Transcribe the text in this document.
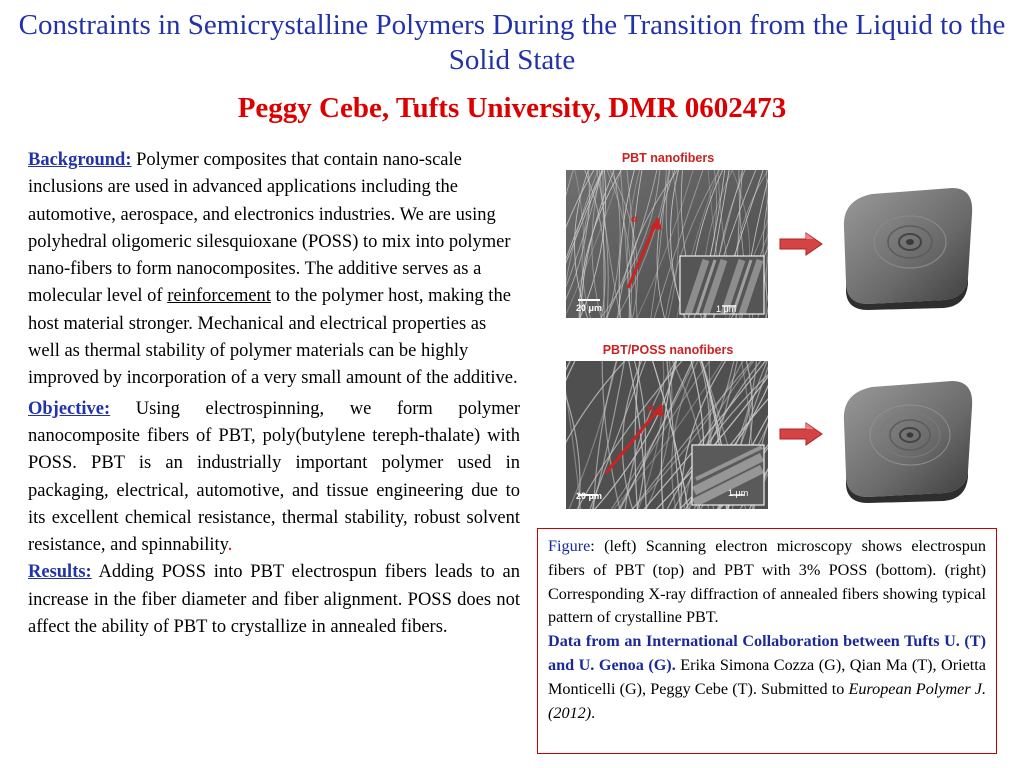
Constraints in Semicrystalline Polymers During the Transition from the Liquid to the Solid State
Peggy Cebe, Tufts University, DMR 0602473

Background: Polymer composites that contain nano-scale inclusions are used in advanced applications including the automotive, aerospace, and electronics industries. We are using polyhedral oligomeric silesquioxane (POSS) to mix into polymer nano-fibers to form nanocomposites. The additive serves as a molecular level of reinforcement to the polymer host, making the host material stronger. Mechanical and electrical properties as well as thermal stability of polymer materials can be highly improved by incorporation of a very small amount of the additive.

Objective: Using electrospinning, we form polymer nanocomposite fibers of PBT, poly(butylene tereph-thalate) with POSS. PBT is an industrially important polymer used in packaging, electrical, automotive, and tissue engineering due to its excellent chemical resistance, thermal stability, robust solvent resistance, and spinnability.

Results: Adding POSS into PBT electrospun fibers leads to an increase in the fiber diameter and fiber alignment. POSS does not affect the ability of PBT to crystallize in annealed fibers.

PBT nanofibers
PBT/POSS nanofibers
20 μm	1 μm
α
20 μm	1 μm
α

Figure: (left) Scanning electron microscopy shows electrospun fibers of PBT (top) and PBT with 3% POSS (bottom). (right) Corresponding X-ray diffraction of annealed fibers showing typical pattern of crystalline PBT.

Data from an International Collaboration between Tufts U. (T) and U. Genoa (G). Erika Simona Cozza (G), Qian Ma (T), Orietta Monticelli (G), Peggy Cebe (T). Submitted to European Polymer J. (2012).
